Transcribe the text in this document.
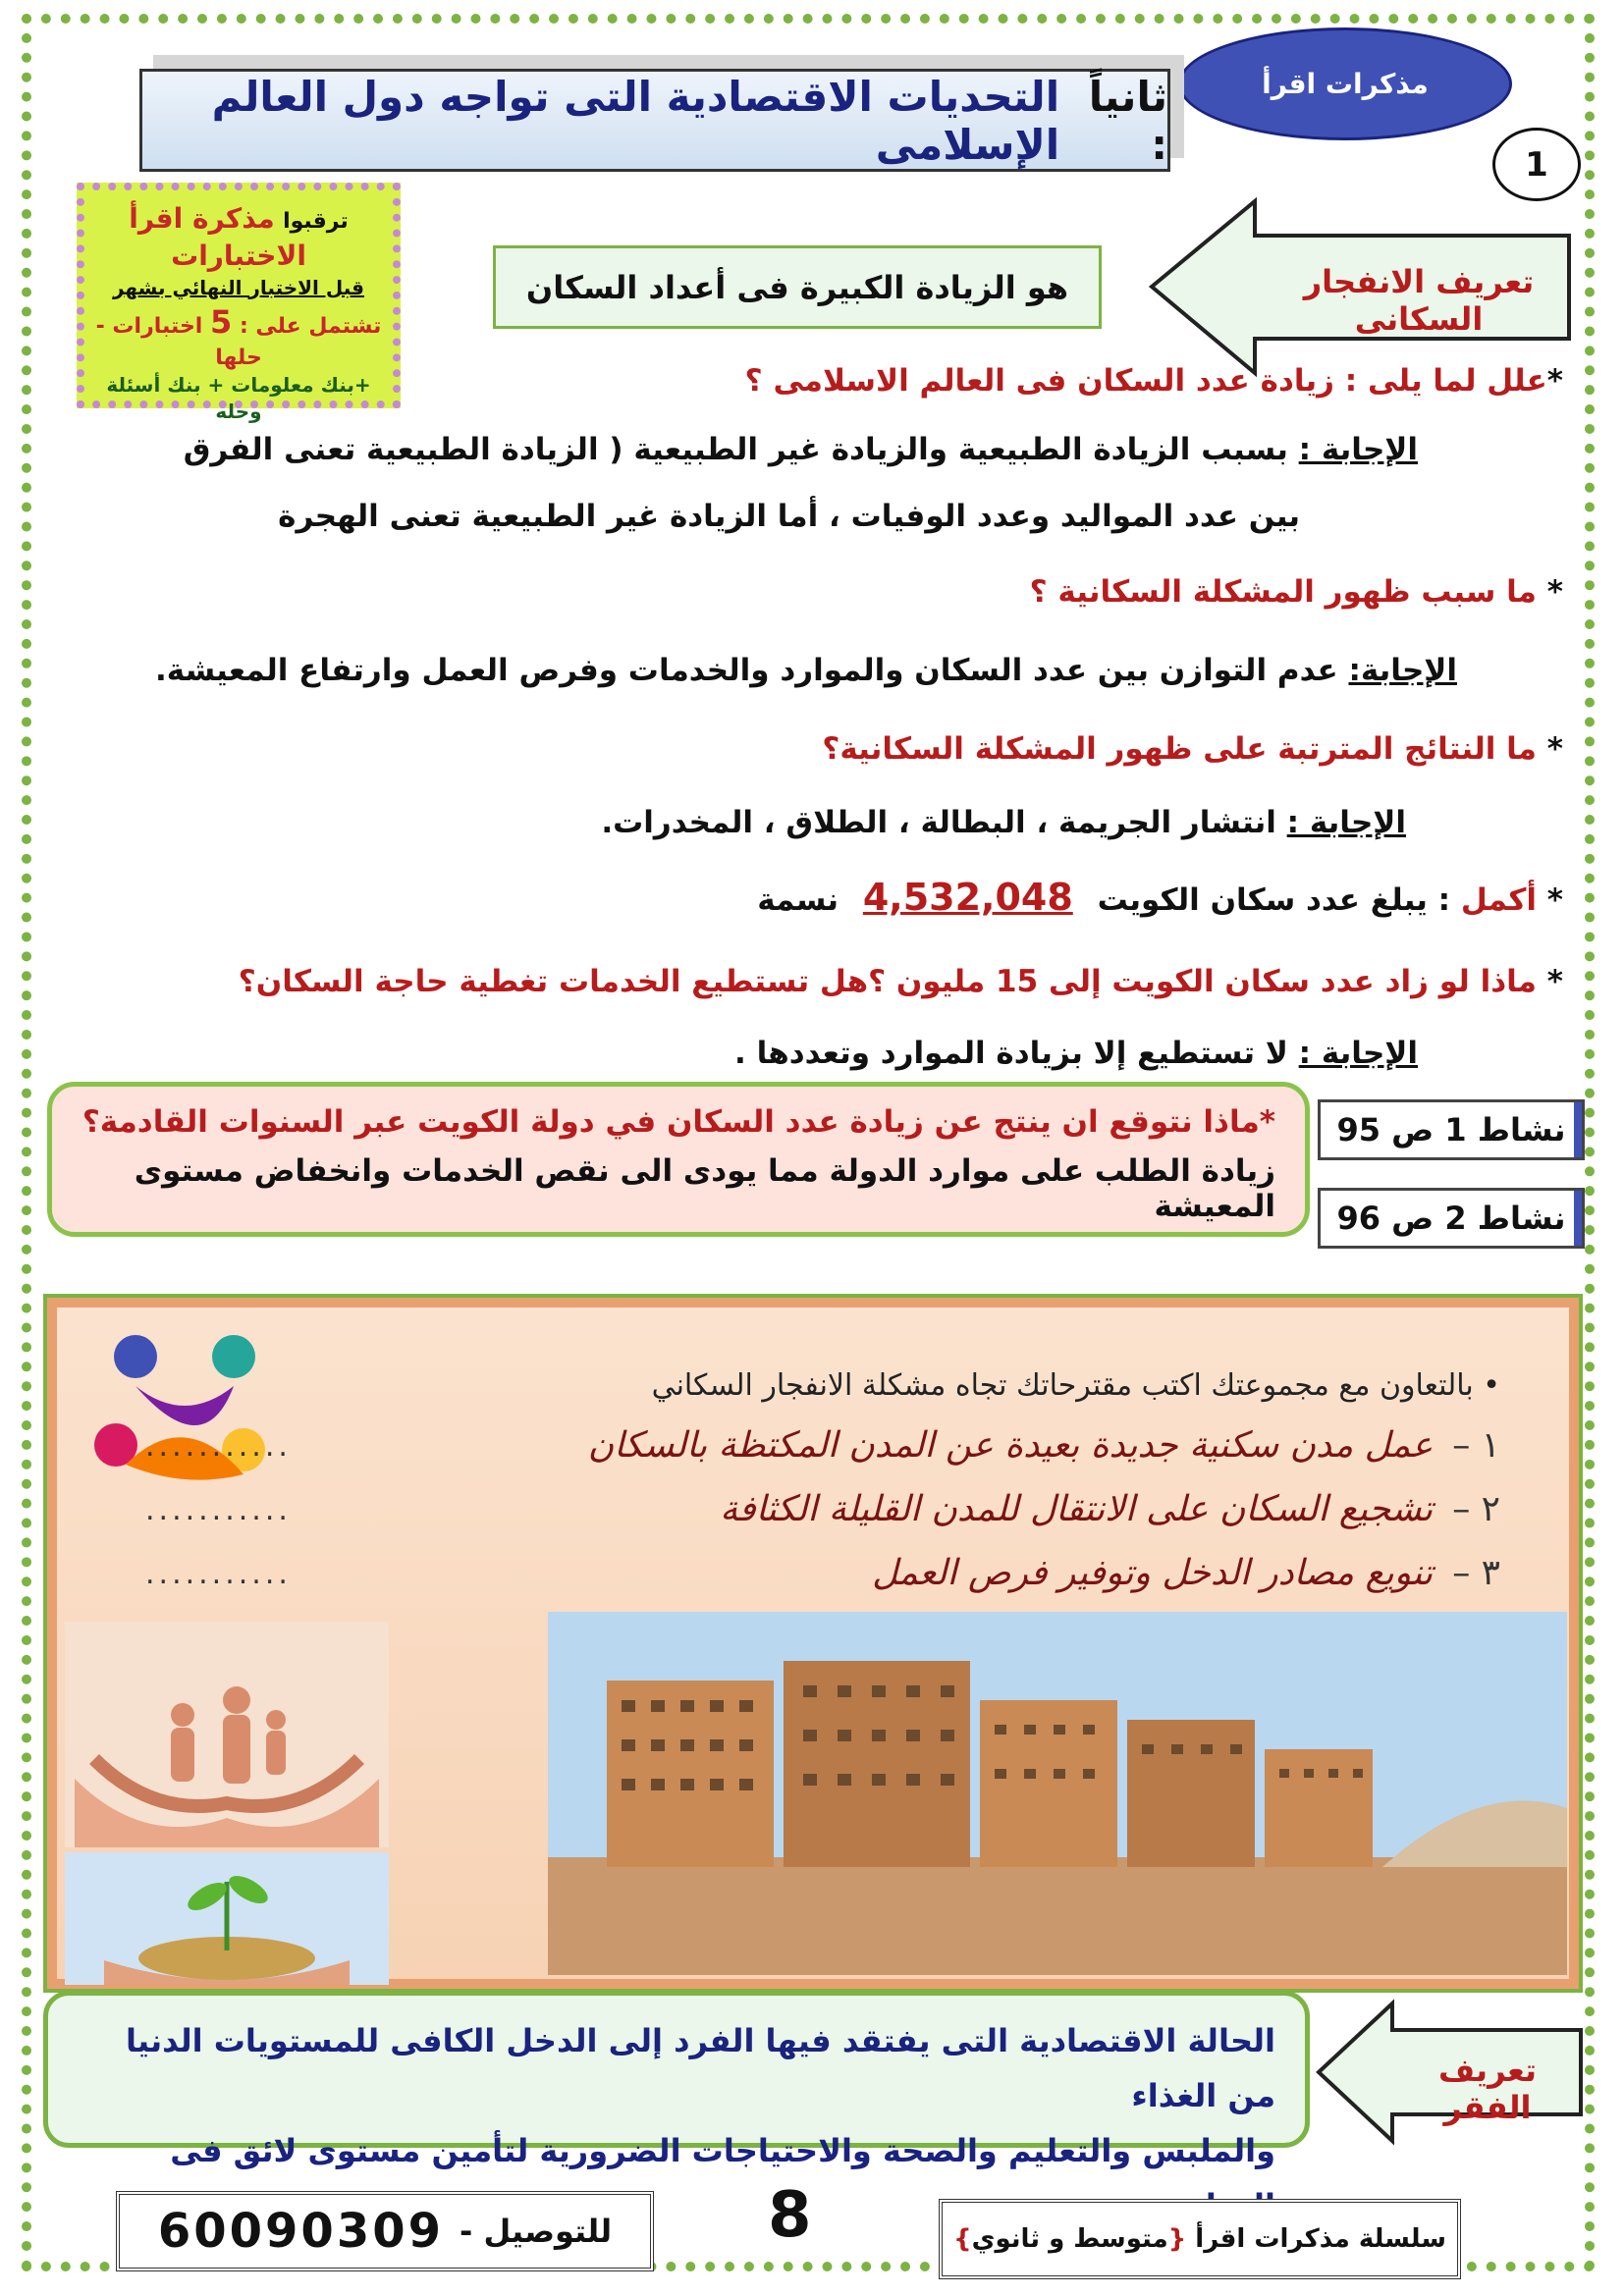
مذكرات اقرأ
ثانياً :
التحديات الاقتصادية التى تواجه دول العالم الإسلامى	1
ترقبوا مذكرة اقرأ الاختبارات
قبل الاختبار النهائي بشهر
تشتمل على : 5 اختبارات - حلها
+بنك معلومات + بنك أسئلة وحله
تعريف الانفجار السكانى
هو الزيادة الكبيرة فى أعداد السكان
*علل لما يلى : زيادة عدد السكان فى العالم الاسلامى ؟
الإجابة : بسبب الزيادة الطبيعية والزيادة غير الطبيعية ( الزيادة الطبيعية تعنى الفرق
بين عدد المواليد وعدد الوفيات ، أما الزيادة غير الطبيعية تعنى الهجرة
* ما سبب ظهور المشكلة السكانية ؟
الإجابة: عدم التوازن بين عدد السكان والموارد والخدمات وفرص العمل وارتفاع المعيشة.
* ما النتائج المترتبة على ظهور المشكلة السكانية؟
الإجابة : انتشار الجريمة ، البطالة ، الطلاق ، المخدرات.
* أكمل : يبلغ عدد سكان الكويت 4,532,048 نسمة
* ماذا لو زاد عدد سكان الكويت إلى 15 مليون ؟هل تستطيع الخدمات تغطية حاجة السكان؟
الإجابة : لا تستطيع إلا بزيادة الموارد وتعددها .
*ماذا نتوقع ان ينتج عن زيادة عدد السكان في دولة الكويت عبر السنوات القادمة؟
زيادة الطلب على موارد الدولة مما يودى الى نقص الخدمات وانخفاض مستوى المعيشة
نشاط 1 ص 95
نشاط 2 ص 96
• بالتعاون مع مجموعتك اكتب مقترحاتك تجاه مشكلة الانفجار السكاني
١ –عمل مدن سكنية جديدة بعيدة عن المدن المكتظة بالسكان
...........
٢ –تشجيع السكان على الانتقال للمدن القليلة الكثافة
...........
٣ –تنويع مصادر الدخل وتوفير فرص العمل
...........
الحالة الاقتصادية التى يفتقد فيها الفرد إلى الدخل الكافى للمستويات الدنيا من الغذاء
والملبس والتعليم والصحة والاحتياجات الضرورية لتأمين مستوى لائق فى
تعريف الفقر
للتوصيل -
60090309	8	سلسلة مذكرات اقرأ

{
متوسط و ثانوي
}
